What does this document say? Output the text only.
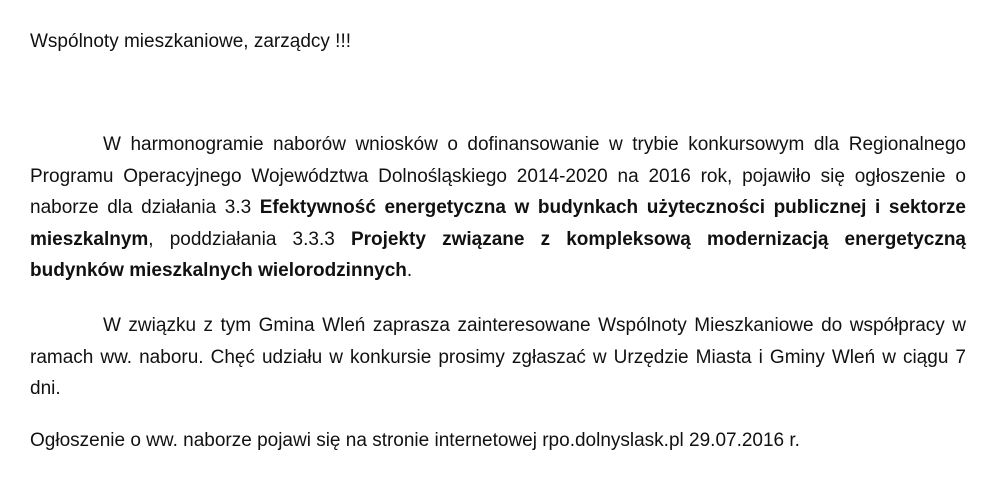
Wspólnoty mieszkaniowe, zarządcy !!!

W harmonogramie naborów wniosków o dofinansowanie w trybie konkursowym dla Regionalnego Programu Operacyjnego Województwa Dolnośląskiego 2014-2020 na 2016 rok, pojawiło się ogłoszenie o naborze dla działania 3.3 Efektywność energetyczna w budynkach użyteczności publicznej i sektorze mieszkalnym, poddziałania 3.3.3 Projekty związane z kompleksową modernizacją energetyczną budynków mieszkalnych wielorodzinnych.

W związku z tym Gmina Wleń zaprasza zainteresowane Wspólnoty Mieszkaniowe do współpracy w ramach ww. naboru. Chęć udziału w konkursie prosimy zgłaszać w Urzędzie Miasta i Gminy Wleń w ciągu 7 dni.

Ogłoszenie o ww. naborze pojawi się na stronie internetowej rpo.dolnyslask.pl 29.07.2016 r.
